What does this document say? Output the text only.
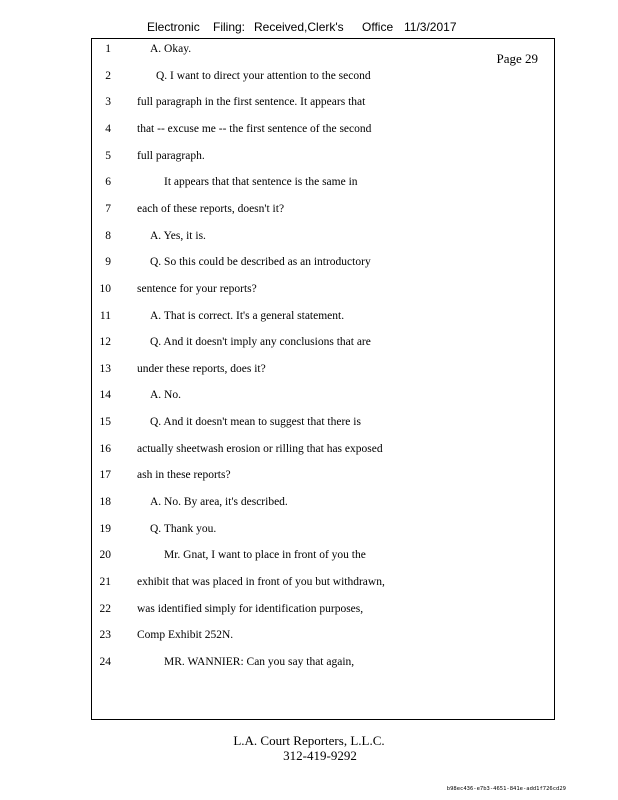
Electronic Filing: Received,Clerk's Office 11/3/2017
Page 29
1	A. Okay.
2	Q. I want to direct your attention to the second
3 full paragraph in the first sentence. It appears that
4 that -- excuse me -- the first sentence of the second
5 full paragraph.
6	It appears that that sentence is the same in
7 each of these reports, doesn't it?
8	A. Yes, it is.
9	Q. So this could be described as an introductory
10 sentence for your reports?
11	A. That is correct. It's a general statement.
12	Q. And it doesn't imply any conclusions that are
13 under these reports, does it?
14	A. No.
15	Q. And it doesn't mean to suggest that there is
16 actually sheetwash erosion or rilling that has exposed
17 ash in these reports?
18	A. No. By area, it's described.
19	Q. Thank you.
20	Mr. Gnat, I want to place in front of you the
21 exhibit that was placed in front of you but withdrawn,
22 was identified simply for identification purposes,
23 Comp Exhibit 252N.
24	MR. WANNIER: Can you say that again,
L.A. Court Reporters, L.L.C.
312-419-9292
b98ec436-e7b3-4651-841e-add1f726cd29
